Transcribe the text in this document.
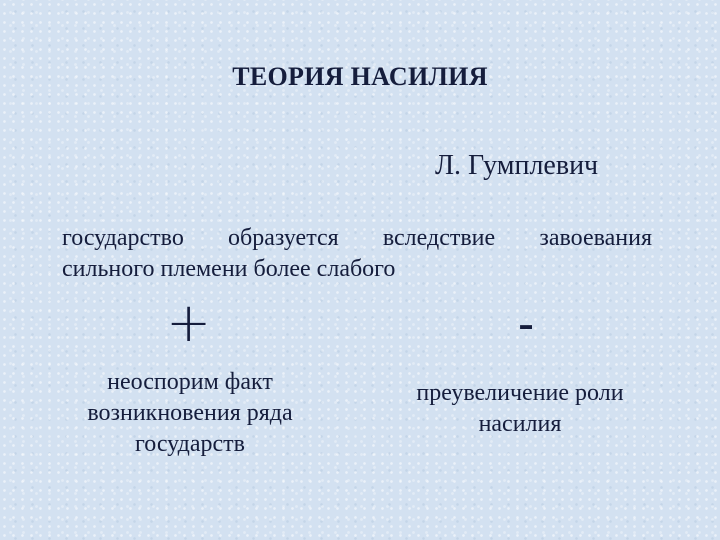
ТЕОРИЯ НАСИЛИЯ
Л. Гумплевич
государство образуется вследствие завоевания
сильного племени более слабого
+	-
неоспорим факт
возникновения ряда
государств
преувеличение роли
насилия
